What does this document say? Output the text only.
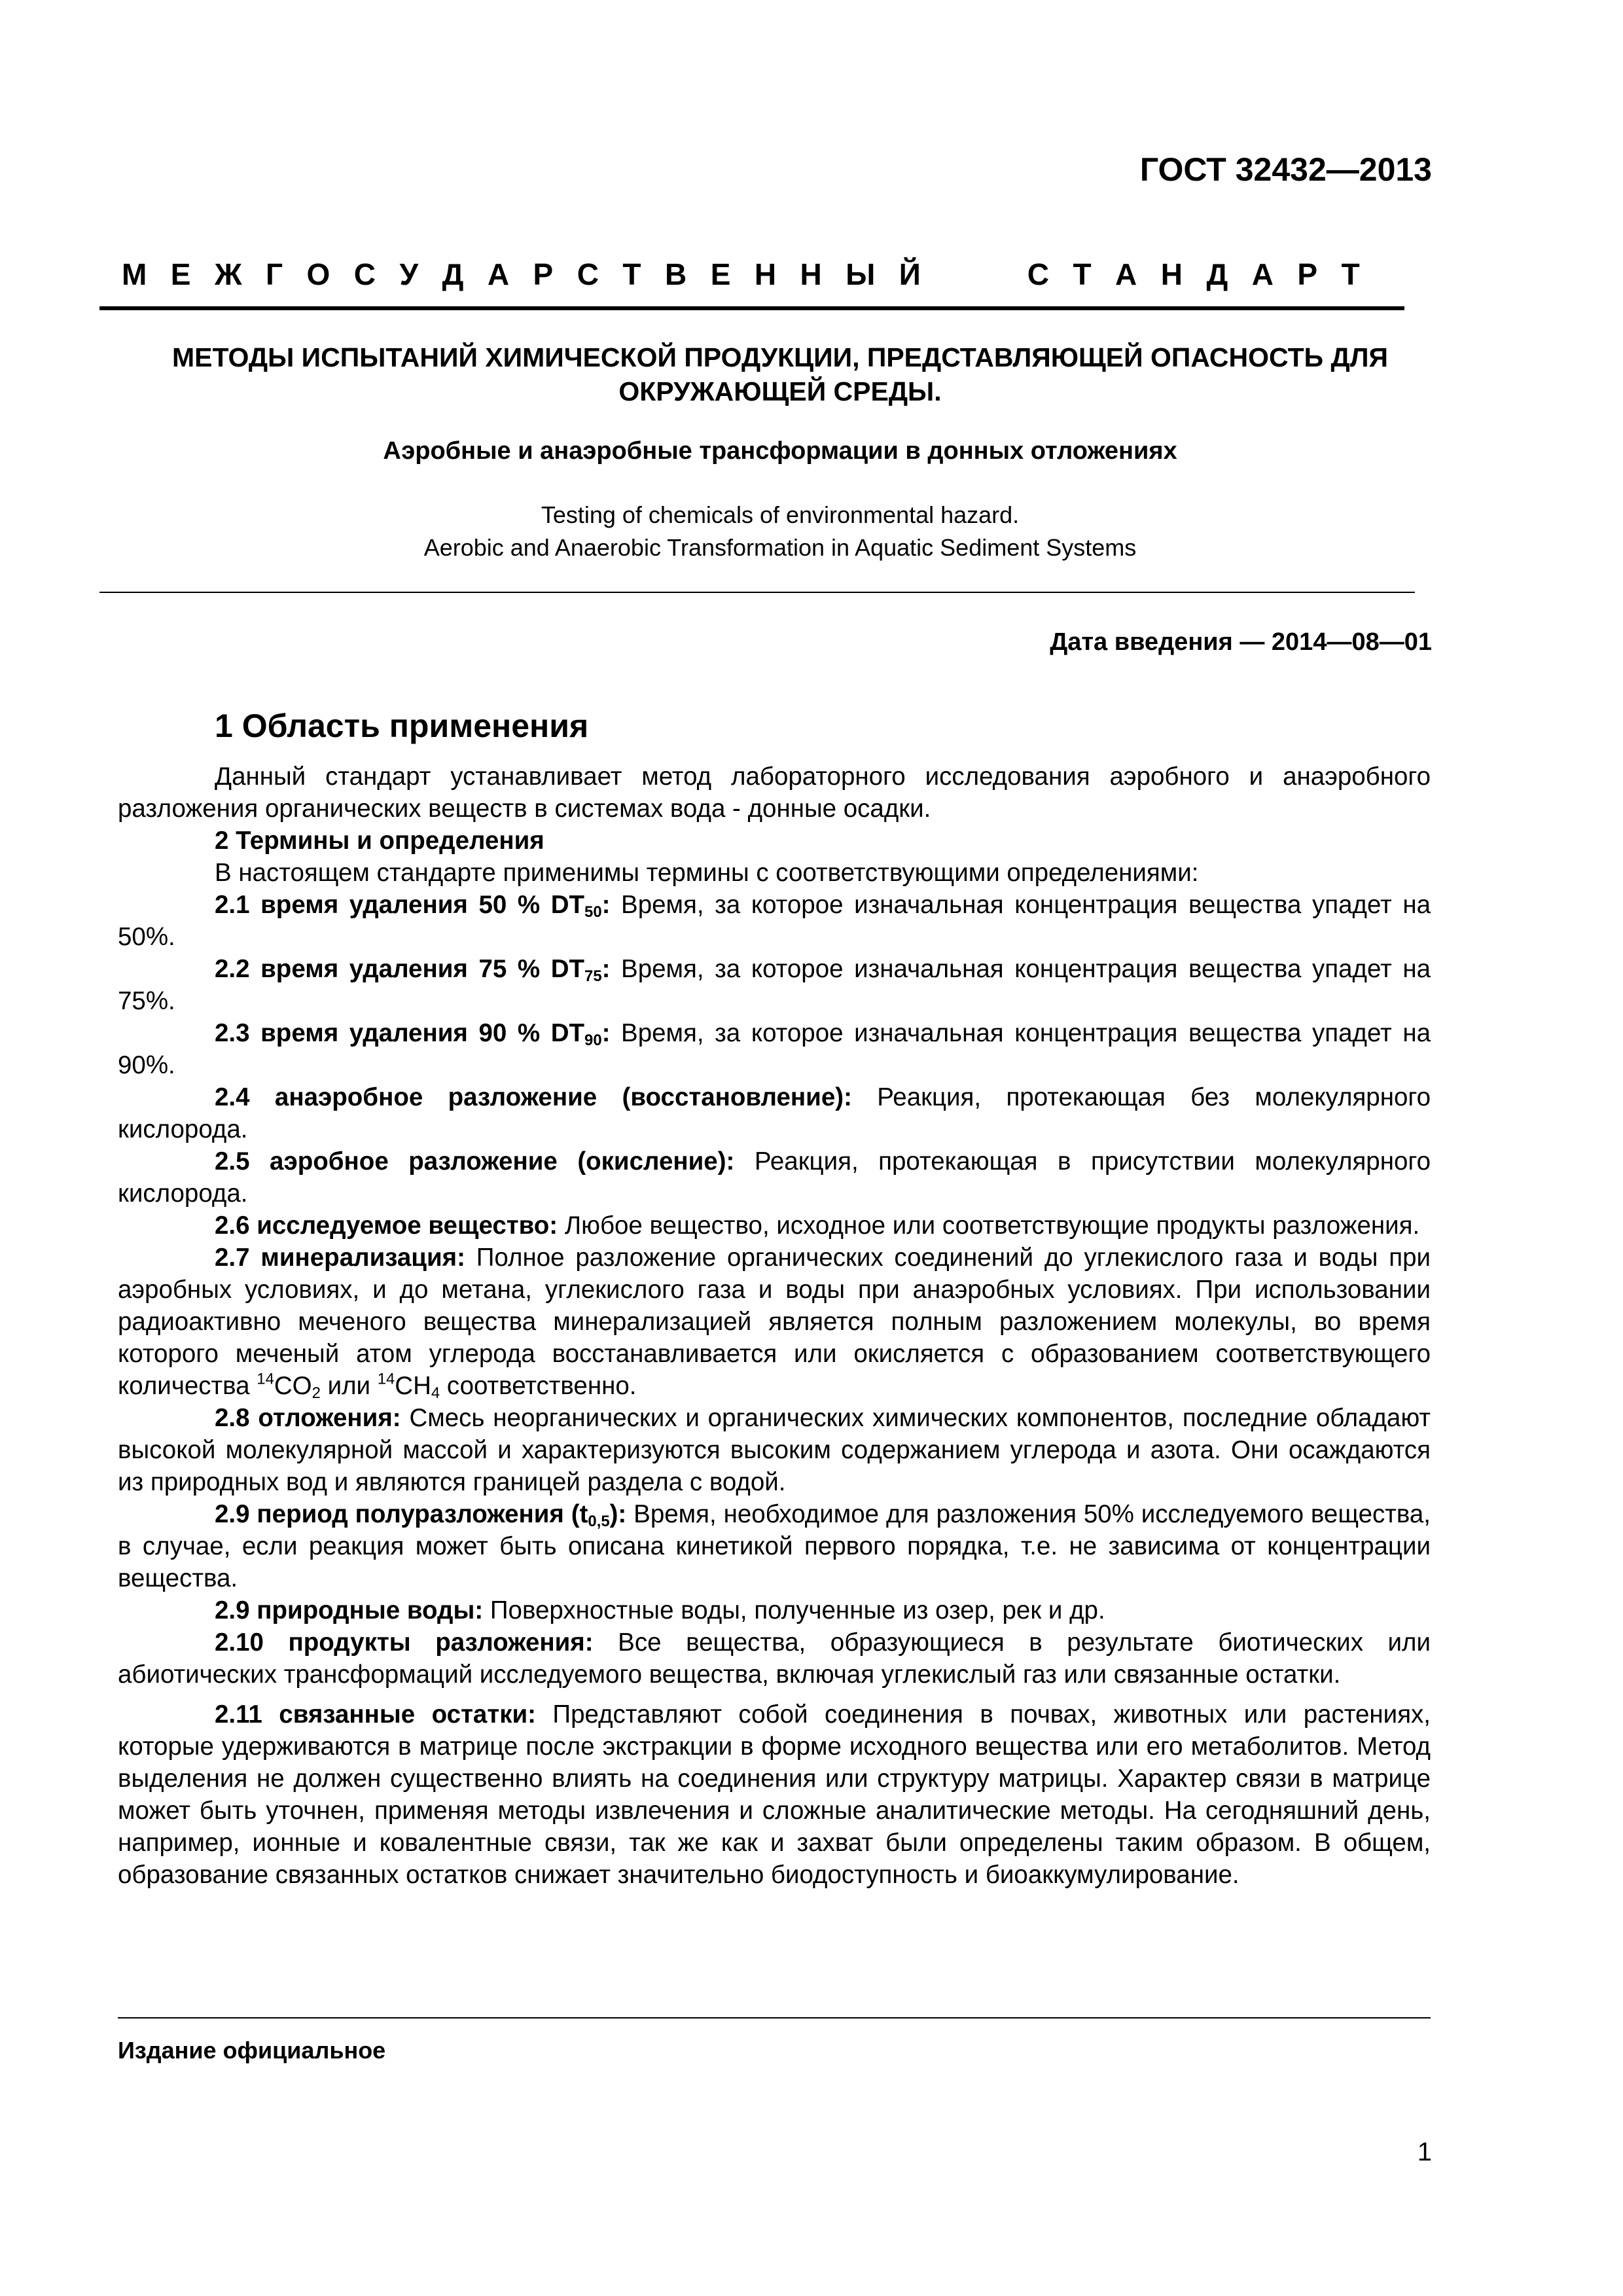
ГОСТ 32432—2013
М Е Ж Г О С У Д А Р С Т В Е Н Н Ы Й	С Т А Н Д А Р Т
МЕТОДЫ ИСПЫТАНИЙ ХИМИЧЕСКОЙ ПРОДУКЦИИ, ПРЕДСТАВЛЯЮЩЕЙ ОПАСНОСТЬ ДЛЯ
ОКРУЖАЮЩЕЙ СРЕДЫ.
Аэробные и анаэробные трансформации в донных отложениях
Testing of chemicals of environmental hazard.
Aerobic and Anaerobic Transformation in Aquatic Sediment Systems
Дата введения — 2014—08—01
1 Область применения

Данный стандарт устанавливает метод лабораторного исследования аэробного и анаэробного разложения органических веществ в системах вода - донные осадки.

2 Термины и определения

В настоящем стандарте применимы термины с соответствующими определениями:

2.1 время удаления 50 % $DT_{50}$: Время, за которое изначальная концентрация вещества упадет на 50%.

2.2 время удаления 75 % $DT_{75}$: Время, за которое изначальная концентрация вещества упадет на 75%.

2.3 время удаления 90 % $DT_{90}$: Время, за которое изначальная концентрация вещества упадет на 90%.

2.4 анаэробное разложение (восстановление): Реакция, протекающая без молекулярного кислорода.

2.5 аэробное разложение (окисление): Реакция, протекающая в присутствии молекулярного кислорода.

2.6 исследуемое вещество: Любое вещество, исходное или соответствующие продукты разложения.

2.7 минерализация: Полное разложение органических соединений до углекислого газа и воды при аэробных условиях, и до метана, углекислого газа и воды при анаэробных условиях. При использовании радиоактивно меченого вещества минерализацией является полным разложением молекулы, во время которого меченый атом углерода восстанавливается или окисляется с образованием соответствующего количества $^{14}CO_2$ или $^{14}CH_4$ соответственно.

2.8 отложения: Смесь неорганических и органических химических компонентов, последние обладают высокой молекулярной массой и характеризуются высоким содержанием углерода и азота. Они осаждаются из природных вод и являются границей раздела с водой.

2.9 период полуразложения $(t_{0,5})$: Время, необходимое для разложения 50% исследуемого вещества, в случае, если реакция может быть описана кинетикой первого порядка, т.е. не зависима от концентрации вещества.

2.9 природные воды: Поверхностные воды, полученные из озер, рек и др.

2.10 продукты разложения: Все вещества, образующиеся в результате биотических или абиотических трансформаций исследуемого вещества, включая углекислый газ или связанные остатки.

2.11 связанные остатки: Представляют собой соединения в почвах, животных или растениях, которые удерживаются в матрице после экстракции в форме исходного вещества или его метаболитов. Метод выделения не должен существенно влиять на соединения или структуру матрицы. Характер связи в матрице может быть уточнен, применяя методы извлечения и сложные аналитические методы. На сегодняшний день, например, ионные и ковалентные связи, так же как и захват были определены таким образом. В общем, образование связанных остатков снижает значительно биодоступность и биоаккумулирование.

Издание официальное
1
